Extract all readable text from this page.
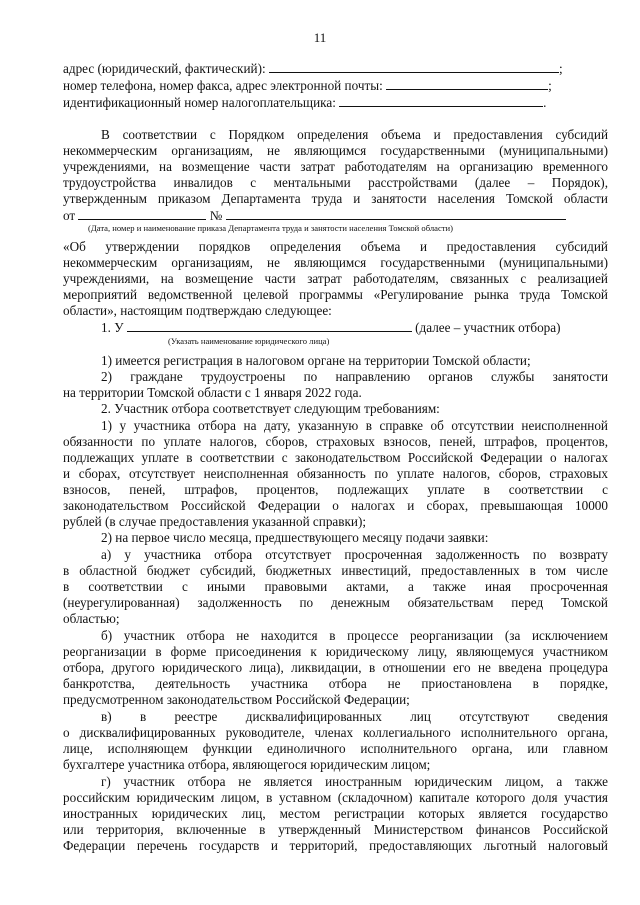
11
адрес (юридический, фактический):	;
номер телефона, номер факса, адрес электронной почты:	;
идентификационный номер налогоплательщика:	.
В соответствии с Порядком определения объема и предоставления субсидий
некоммерческим организациям, не являющимся государственными (муниципальными)
учреждениями, на возмещение части затрат работодателям на организацию временного
трудоустройства инвалидов с ментальными расстройствами (далее – Порядок),
утвержденным приказом Департамента труда и занятости населения Томской области
от	№
(Дата, номер и наименование приказа Департамента труда и занятости населения Томской области)
«Об утверждении порядков определения объема и предоставления субсидий
некоммерческим организациям, не являющимся государственными (муниципальными)
учреждениями, на возмещение части затрат работодателям, связанных с реализацией
мероприятий ведомственной целевой программы «Регулирование рынка труда Томской
области», настоящим подтверждаю следующее:
1. У	(далее – участник отбора)
(Указать наименование юридического лица)
1) имеется регистрация в налоговом органе на территории Томской области;
2) граждане трудоустроены по направлению органов службы занятости
на территории Томской области с 1 января 2022 года.
2. Участник отбора соответствует следующим требованиям:
1) у участника отбора на дату, указанную в справке об отсутствии неисполненной
обязанности по уплате налогов, сборов, страховых взносов, пеней, штрафов, процентов,
подлежащих уплате в соответствии с законодательством Российской Федерации о налогах
и сборах, отсутствует неисполненная обязанность по уплате налогов, сборов, страховых
взносов, пеней, штрафов, процентов, подлежащих уплате в соответствии с
законодательством Российской Федерации о налогах и сборах, превышающая 10000
рублей (в случае предоставления указанной справки);
2) на первое число месяца, предшествующего месяцу подачи заявки:
а) у участника отбора отсутствует просроченная задолженность по возврату
в областной бюджет субсидий, бюджетных инвестиций, предоставленных в том числе
в соответствии с иными правовыми актами, а также иная просроченная
(неурегулированная) задолженность по денежным обязательствам перед Томской
областью;
б) участник отбора не находится в процессе реорганизации (за исключением
реорганизации в форме присоединения к юридическому лицу, являющемуся участником
отбора, другого юридического лица), ликвидации, в отношении его не введена процедура
банкротства, деятельность участника отбора не приостановлена в порядке,
предусмотренном законодательством Российской Федерации;
в) в реестре дисквалифицированных лиц отсутствуют сведения
о дисквалифицированных руководителе, членах коллегиального исполнительного органа,
лице, исполняющем функции единоличного исполнительного органа, или главном
бухгалтере участника отбора, являющегося юридическим лицом;
г) участник отбора не является иностранным юридическим лицом, а также
российским юридическим лицом, в уставном (складочном) капитале которого доля участия
иностранных юридических лиц, местом регистрации которых является государство
или территория, включенные в утвержденный Министерством финансов Российской
Федерации перечень государств и территорий, предоставляющих льготный налоговый
